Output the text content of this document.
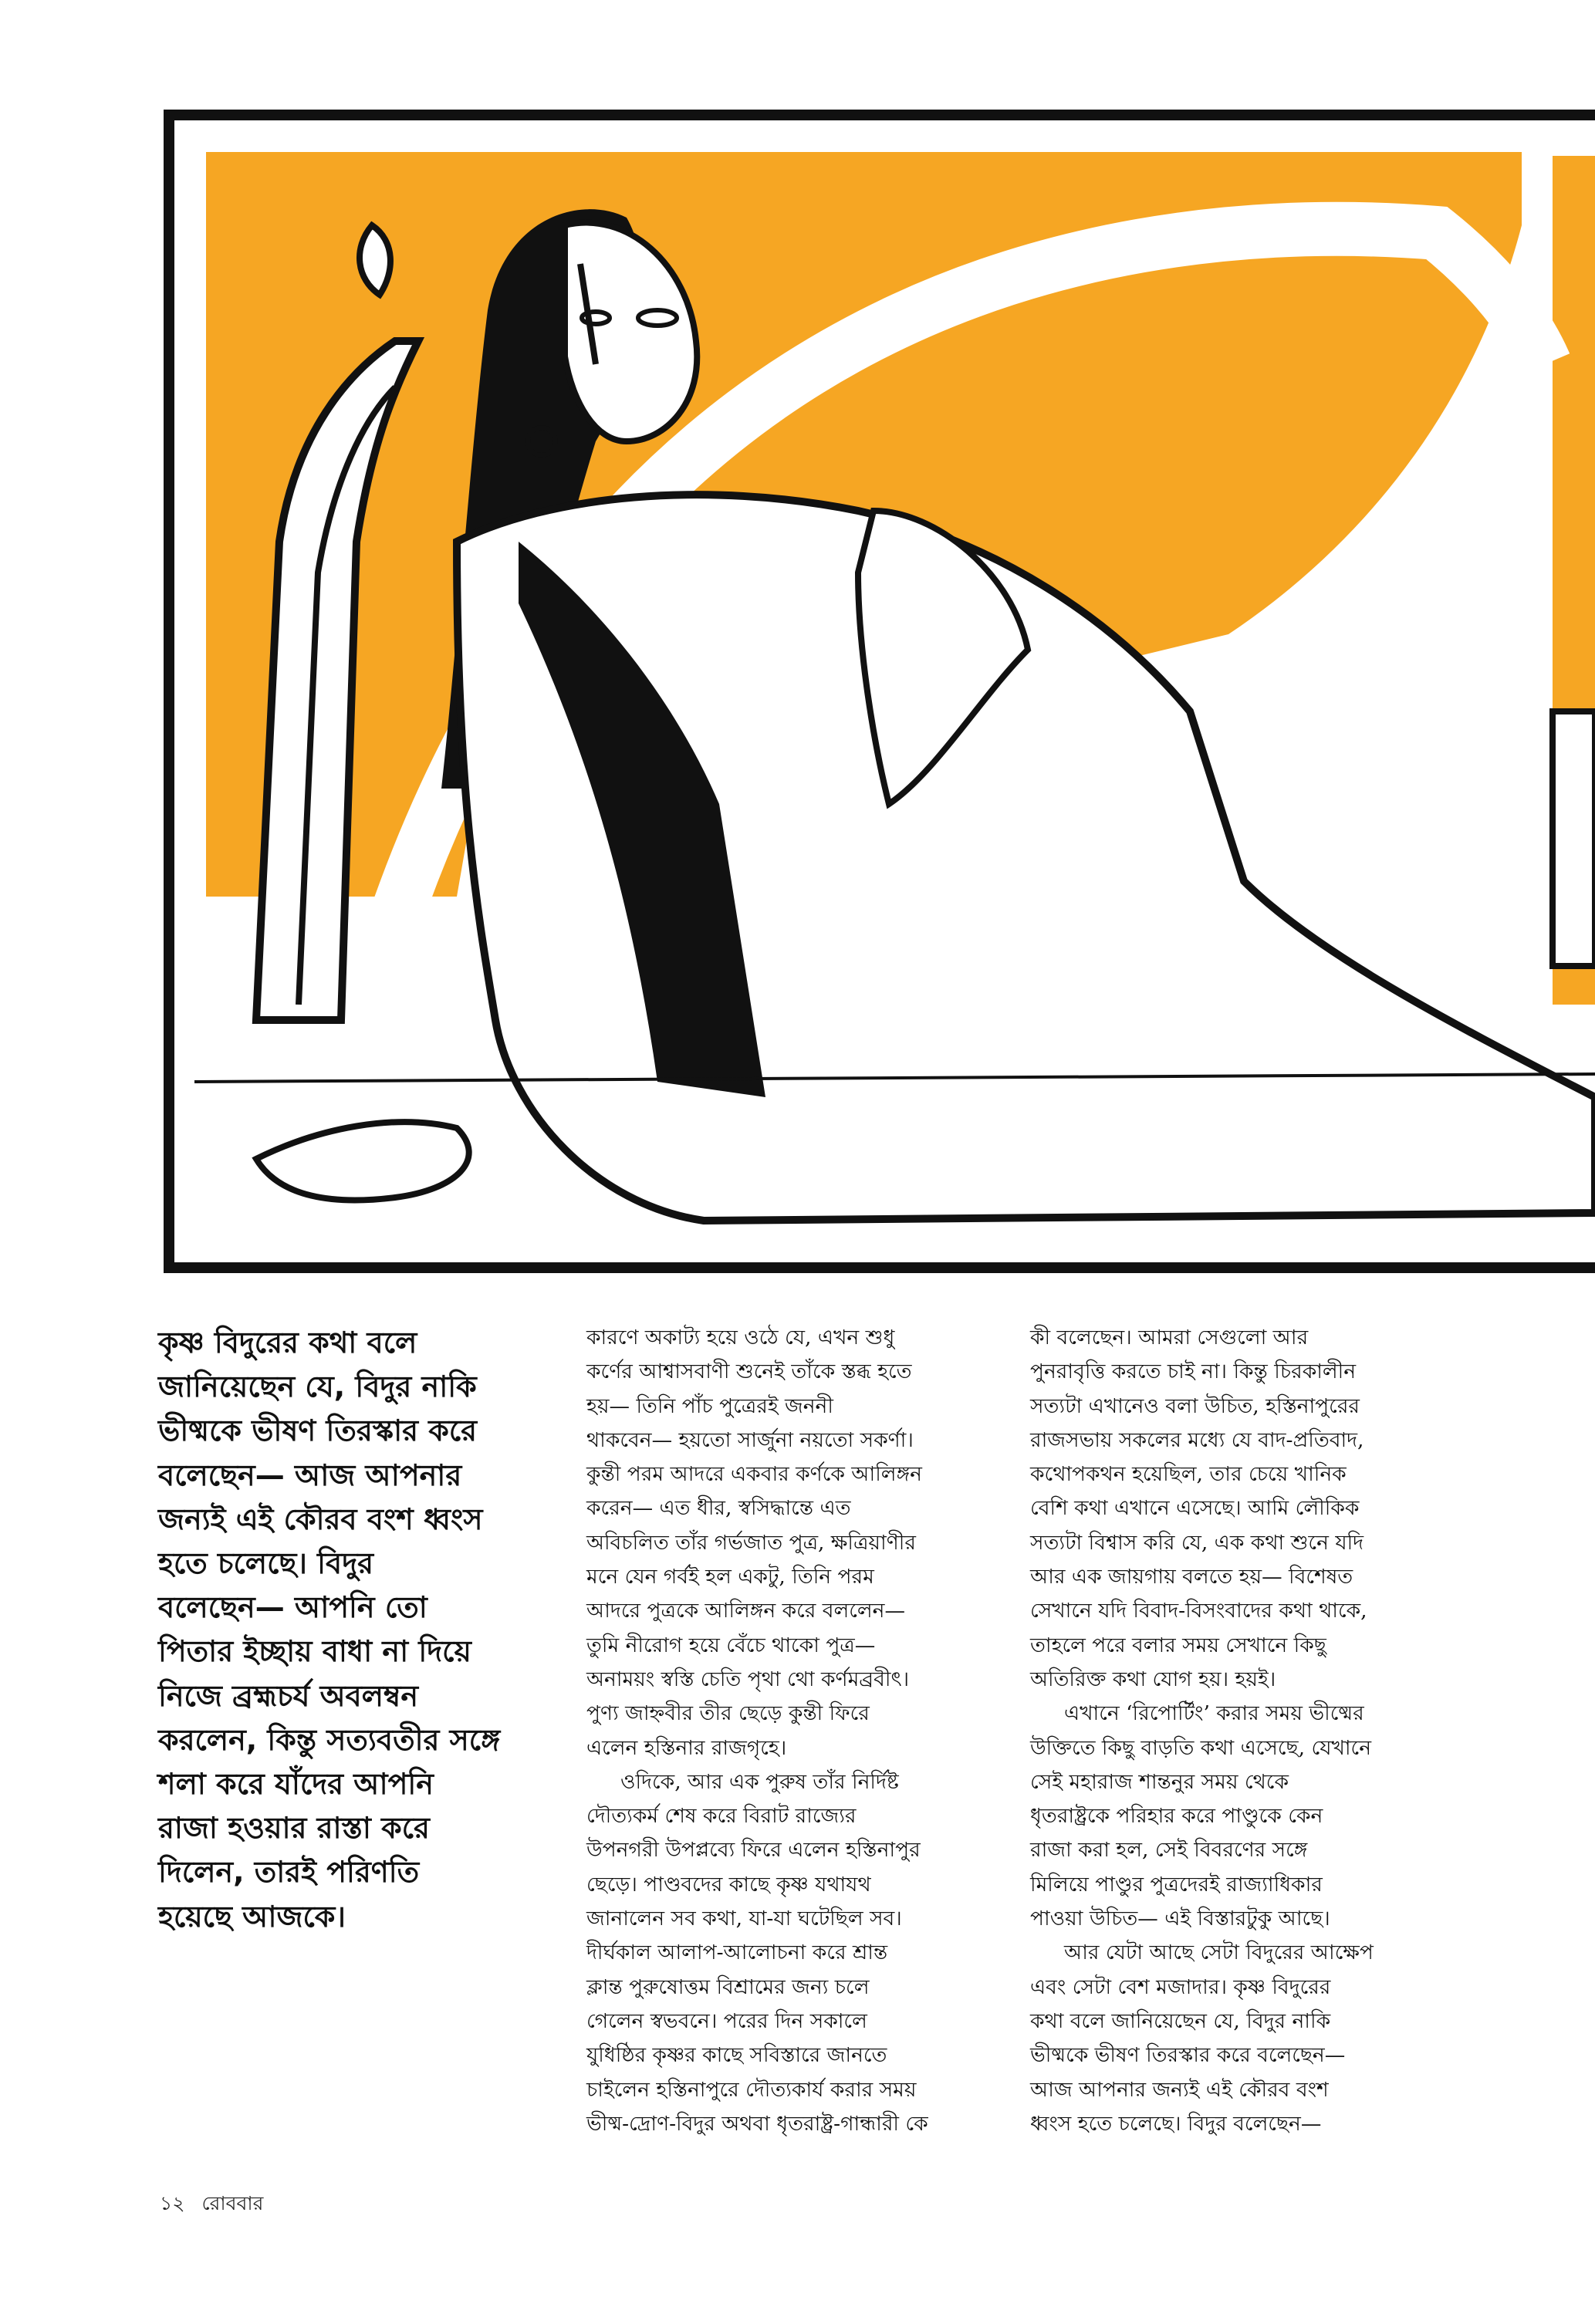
কৃষ্ণ বিদুরের কথা বলে
জানিয়েছেন যে, বিদুর নাকি
ভীষ্মকে ভীষণ তিরস্কার করে
বলেছেন— আজ আপনার
জন্যই এই কৌরব বংশ ধ্বংস
হতে চলেছে। বিদুর
বলেছেন— আপনি তো
পিতার ইচ্ছায় বাধা না দিয়ে
নিজে ব্রহ্মচর্য অবলম্বন
করলেন, কিন্তু সত্যবতীর সঙ্গে
শলা করে যাঁদের আপনি
রাজা হওয়ার রাস্তা করে
দিলেন, তারই পরিণতি
হয়েছে আজকে।
কারণে অকাট্য হয়ে ওঠে যে, এখন শুধু
কর্ণের আশ্বাসবাণী শুনেই তাঁকে স্তব্ধ হতে
হয়— তিনি পাঁচ পুত্রেরই জননী
থাকবেন— হয়তো সার্জুনা নয়তো সকর্ণা।
কুন্তী পরম আদরে একবার কর্ণকে আলিঙ্গন
করেন— এত ধীর, স্বসিদ্ধান্তে এত
অবিচলিত তাঁর গর্ভজাত পুত্র, ক্ষত্রিয়াণীর
মনে যেন গর্বই হল একটু, তিনি পরম
আদরে পুত্রকে আলিঙ্গন করে বললেন—
তুমি নীরোগ হয়ে বেঁচে থাকো পুত্র—
অনাময়ং স্বস্তি চেতি পৃথা থো কর্ণমব্রবীৎ।
পুণ্য জাহ্নবীর তীর ছেড়ে কুন্তী ফিরে
এলেন হস্তিনার রাজগৃহে।
ওদিকে, আর এক পুরুষ তাঁর নির্দিষ্ট
দৌত্যকর্ম শেষ করে বিরাট রাজ্যের
উপনগরী উপপ্লব্যে ফিরে এলেন হস্তিনাপুর
ছেড়ে। পাণ্ডবদের কাছে কৃষ্ণ যথাযথ
জানালেন সব কথা, যা-যা ঘটেছিল সব।
দীর্ঘকাল আলাপ-আলোচনা করে শ্রান্ত
ক্লান্ত পুরুষোত্তম বিশ্রামের জন্য চলে
গেলেন স্বভবনে। পরের দিন সকালে
যুধিষ্ঠির কৃষ্ণর কাছে সবিস্তারে জানতে
চাইলেন হস্তিনাপুরে দৌত্যকার্য করার সময়
ভীষ্ম-দ্রোণ-বিদুর অথবা ধৃতরাষ্ট্র-গান্ধারী কে
কী বলেছেন। আমরা সেগুলো আর
পুনরাবৃত্তি করতে চাই না। কিন্তু চিরকালীন
সত্যটা এখানেও বলা উচিত, হস্তিনাপুরের
রাজসভায় সকলের মধ্যে যে বাদ-প্রতিবাদ,
কথোপকথন হয়েছিল, তার চেয়ে খানিক
বেশি কথা এখানে এসেছে। আমি লৌকিক
সত্যটা বিশ্বাস করি যে, এক কথা শুনে যদি
আর এক জায়গায় বলতে হয়— বিশেষত
সেখানে যদি বিবাদ-বিসংবাদের কথা থাকে,
তাহলে পরে বলার সময় সেখানে কিছু
অতিরিক্ত কথা যোগ হয়। হয়ই।
এখানে ‘রিপোর্টিং’ করার সময় ভীষ্মের
উক্তিতে কিছু বাড়তি কথা এসেছে, যেখানে
সেই মহারাজ শান্তনুর সময় থেকে
ধৃতরাষ্ট্রকে পরিহার করে পাণ্ডুকে কেন
রাজা করা হল, সেই বিবরণের সঙ্গে
মিলিয়ে পাণ্ডুর পুত্রদেরই রাজ্যাধিকার
পাওয়া উচিত— এই বিস্তারটুকু আছে।
আর যেটা আছে সেটা বিদুরের আক্ষেপ
এবং সেটা বেশ মজাদার। কৃষ্ণ বিদুরের
কথা বলে জানিয়েছেন যে, বিদুর নাকি
ভীষ্মকে ভীষণ তিরস্কার করে বলেছেন—
আজ আপনার জন্যই এই কৌরব বংশ
ধ্বংস হতে চলেছে। বিদুর বলেছেন—
১২ রোববার
